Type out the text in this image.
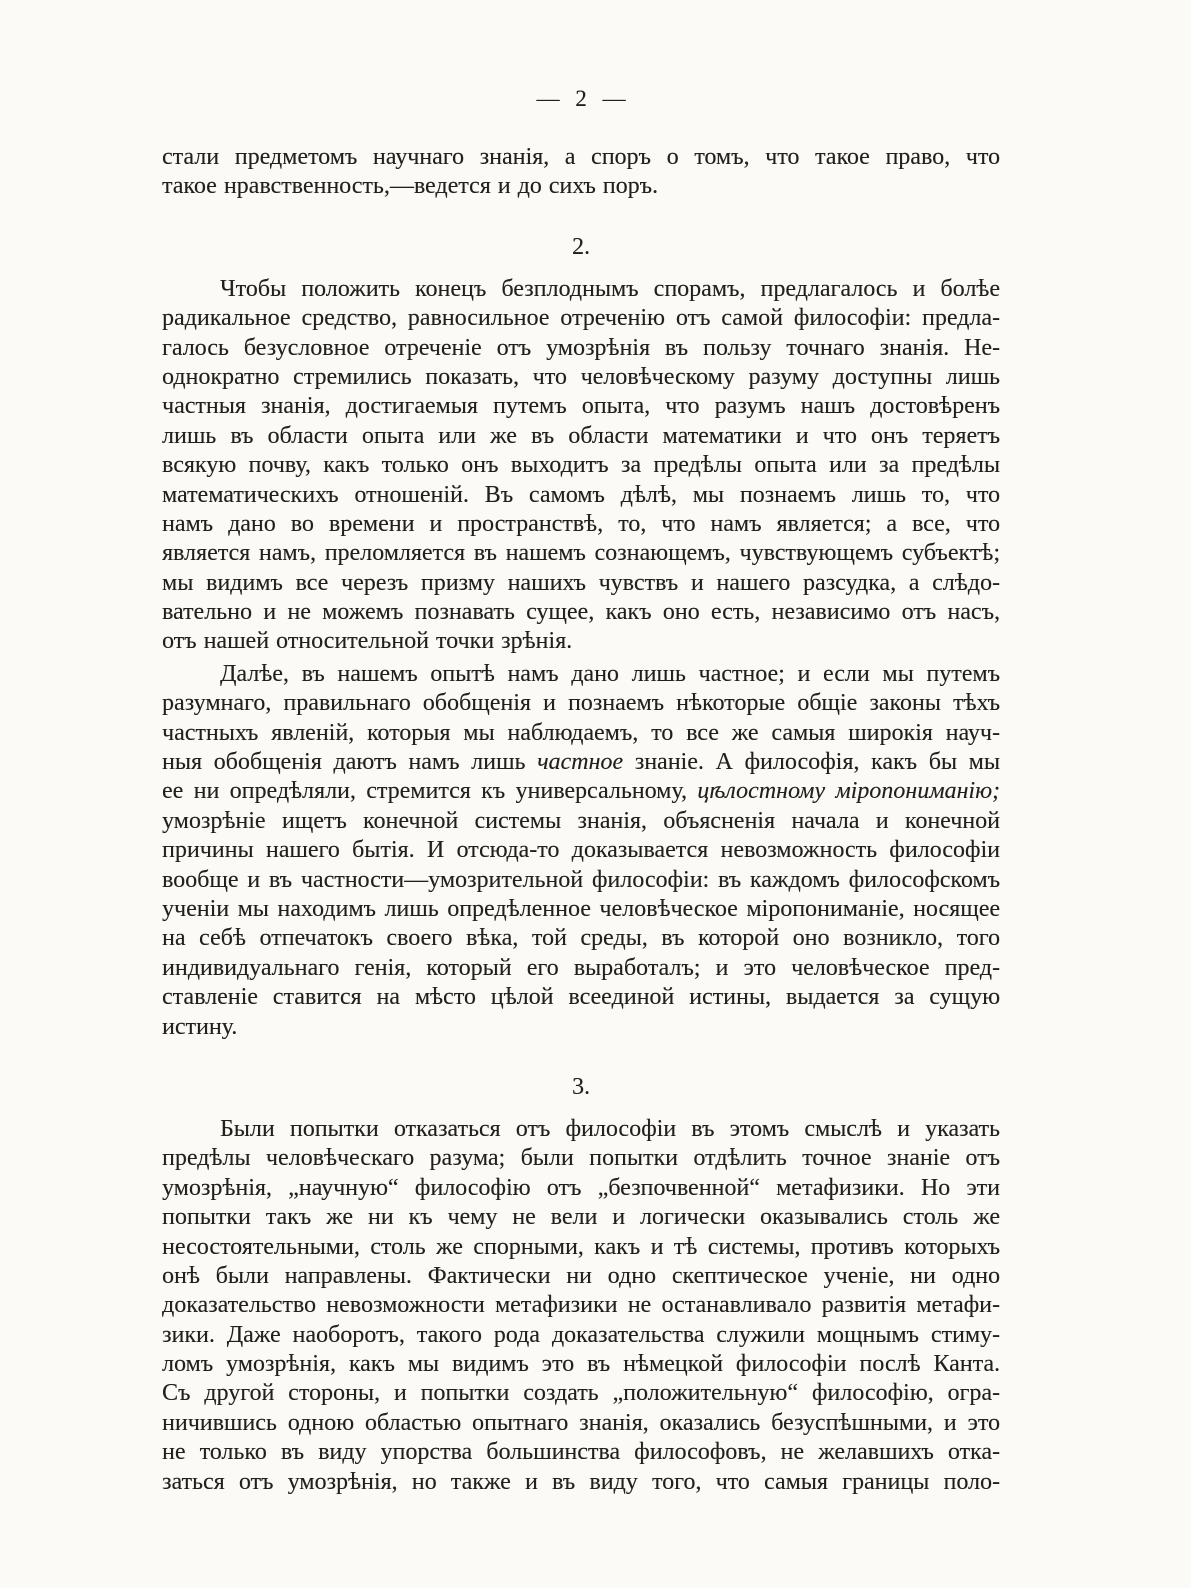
— 2 —
стали предметомъ научнаго знанія, а споръ о томъ, что такое право, что
такое нравственность,—ведется и до сихъ поръ.
2.
Чтобы положить конецъ безплоднымъ спорамъ, предлагалось и болѣе
радикальное средство, равносильное отреченію отъ самой философіи: предла-
галось безусловное отреченіе отъ умозрѣнія въ пользу точнаго знанія. Не-
однократно стремились показать, что человѣческому разуму доступны лишь
частныя знанія, достигаемыя путемъ опыта, что разумъ нашъ достовѣренъ
лишь въ области опыта или же въ области математики и что онъ теряетъ
всякую почву, какъ только онъ выходитъ за предѣлы опыта или за предѣлы
математическихъ отношеній. Въ самомъ дѣлѣ, мы познаемъ лишь то, что
намъ дано во времени и пространствѣ, то, что намъ является; а все, что
является намъ, преломляется въ нашемъ сознающемъ, чувствующемъ субъектѣ;
мы видимъ все черезъ призму нашихъ чувствъ и нашего разсудка, а слѣдо-
вательно и не можемъ познавать сущее, какъ оно есть, независимо отъ насъ,
отъ нашей относительной точки зрѣнія.
Далѣе, въ нашемъ опытѣ намъ дано лишь частное; и если мы путемъ
разумнаго, правильнаго обобщенія и познаемъ нѣкоторые общіе законы тѣхъ
частныхъ явленій, которыя мы наблюдаемъ, то все же самыя широкія науч-
ныя обобщенія даютъ намъ лишь частное знаніе. А философія, какъ бы мы
ее ни опредѣляли, стремится къ универсальному, цѣлостному міропониманію;
умозрѣніе ищетъ конечной системы знанія, объясненія начала и конечной
причины нашего бытія. И отсюда-то доказывается невозможность философіи
вообще и въ частности—умозрительной философіи: въ каждомъ философскомъ
ученіи мы находимъ лишь опредѣленное человѣческое міропониманіе, носящее
на себѣ отпечатокъ своего вѣка, той среды, въ которой оно возникло, того
индивидуальнаго генія, который его выработалъ; и это человѣческое пред-
ставленіе ставится на мѣсто цѣлой всеединой истины, выдается за сущую
истину.
3.
Были попытки отказаться отъ философіи въ этомъ смыслѣ и указать
предѣлы человѣческаго разума; были попытки отдѣлить точное знаніе отъ
умозрѣнія, „научную“ философію отъ „безпочвенной“ метафизики. Но эти
попытки такъ же ни къ чему не вели и логически оказывались столь же
несостоятельными, столь же спорными, какъ и тѣ системы, противъ которыхъ
онѣ были направлены. Фактически ни одно скептическое ученіе, ни одно
доказательство невозможности метафизики не останавливало развитія метафи-
зики. Даже наоборотъ, такого рода доказательства служили мощнымъ стиму-
ломъ умозрѣнія, какъ мы видимъ это въ нѣмецкой философіи послѣ Канта.
Съ другой стороны, и попытки создать „положительную“ философію, огра-
ничившись одною областью опытнаго знанія, оказались безуспѣшными, и это
не только въ виду упорства большинства философовъ, не желавшихъ отка-
заться отъ умозрѣнія, но также и въ виду того, что самыя границы поло-
